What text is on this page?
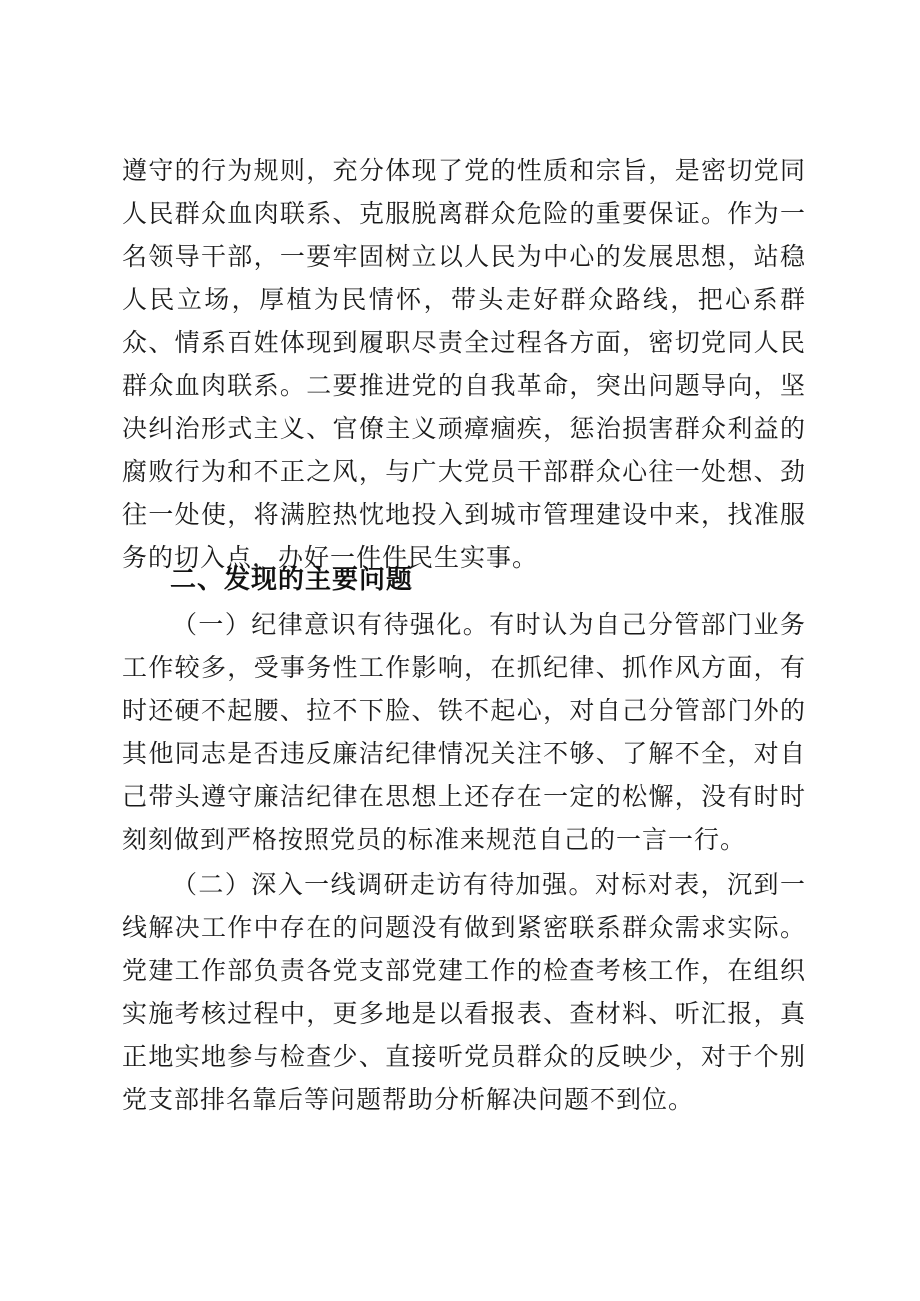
遵守的行为规则，充分体现了党的性质和宗旨，是密切党同人民群众血肉联系、克服脱离群众危险的重要保证。作为一名领导干部，一要牢固树立以人民为中心的发展思想，站稳人民立场，厚植为民情怀，带头走好群众路线，把心系群众、情系百姓体现到履职尽责全过程各方面，密切党同人民群众血肉联系。二要推进党的自我革命，突出问题导向，坚决纠治形式主义、官僚主义顽瘴痼疾，惩治损害群众利益的腐败行为和不正之风，与广大党员干部群众心往一处想、劲往一处使，将满腔热忱地投入到城市管理建设中来，找准服务的切入点，办好一件件民生实事。

二、发现的主要问题

（一）纪律意识有待强化。有时认为自己分管部门业务工作较多，受事务性工作影响，在抓纪律、抓作风方面，有时还硬不起腰、拉不下脸、铁不起心，对自己分管部门外的其他同志是否违反廉洁纪律情况关注不够、了解不全，对自己带头遵守廉洁纪律在思想上还存在一定的松懈，没有时时刻刻做到严格按照党员的标准来规范自己的一言一行。

（二）深入一线调研走访有待加强。对标对表，沉到一线解决工作中存在的问题没有做到紧密联系群众需求实际。党建工作部负责各党支部党建工作的检查考核工作，在组织实施考核过程中，更多地是以看报表、查材料、听汇报，真正地实地参与检查少、直接听党员群众的反映少，对于个别党支部排名靠后等问题帮助分析解决问题不到位。
